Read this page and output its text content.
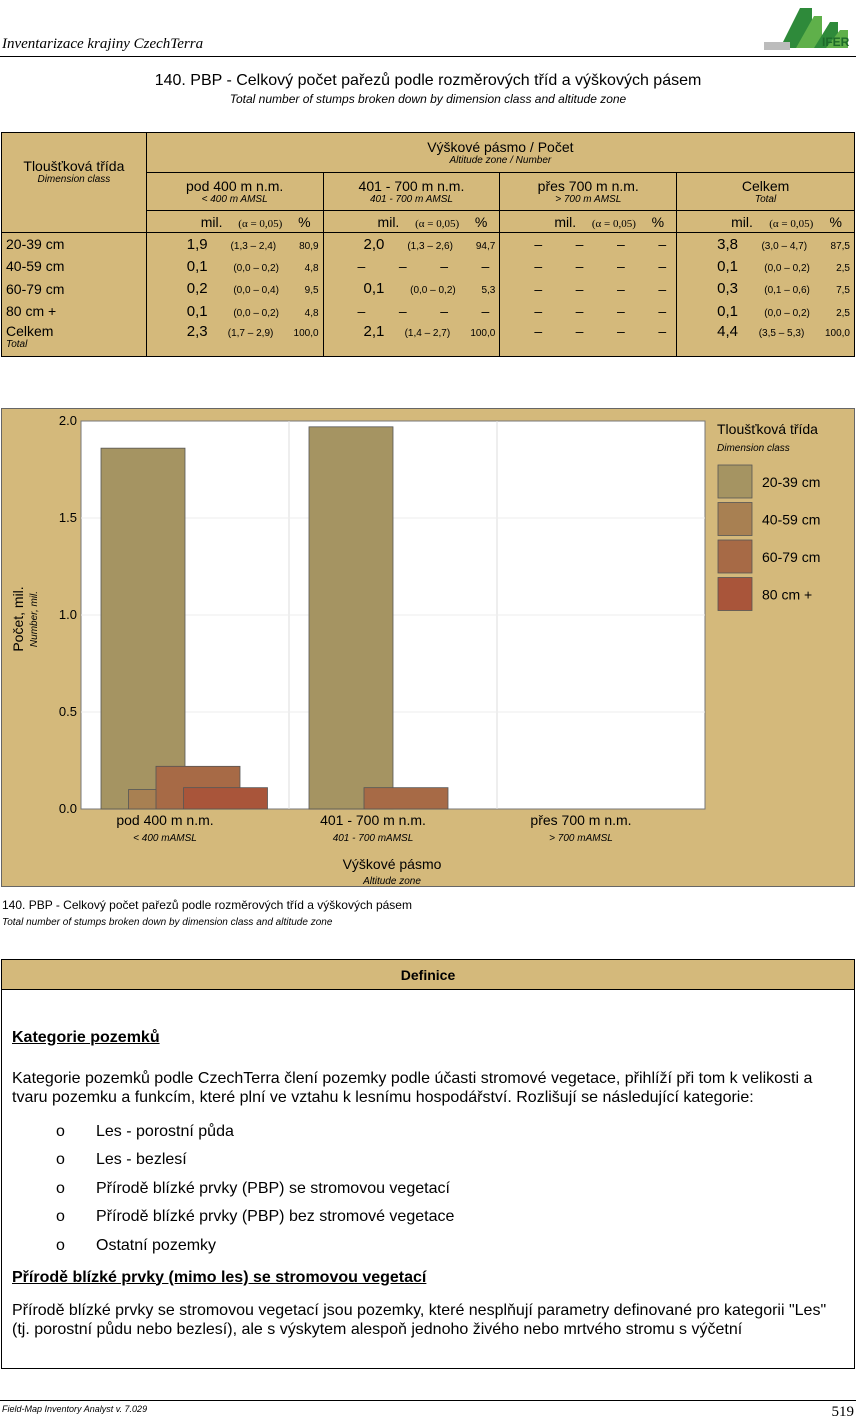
Inventarizace krajiny CzechTerra	IFER
140. PBP - Celkový počet pařezů podle rozměrových tříd a výškových pásem
Total number of stumps broken down by dimension class and altitude zone
Tloušťková třída
Dimension class	Výškové pásmo / Počet
Altitude zone / Number			

	pod 400 m n.m.
< 400 m AMSL	401 - 700 m n.m.
401 - 700 m AMSL	přes 700 m n.m.
> 700 m AMSL	Celkem
Total

	mil. (α = 0,05) %	mil. (α = 0,05) %	mil. (α = 0,05) %	mil. (α = 0,05) %

20-39 cm	1,9 (1,3 – 2,4) 80,9	2,0 (1,3 – 2,6) 94,7	– – – –	3,8 (3,0 – 4,7) 87,5

40-59 cm	0,1 (0,0 – 0,2) 4,8	– – – –	– – – –	0,1 (0,0 – 0,2) 2,5

60-79 cm	0,2 (0,0 – 0,4) 9,5	0,1 (0,0 – 0,2) 5,3	– – – –	0,3 (0,1 – 0,6) 7,5

80 cm +	0,1 (0,0 – 0,2) 4,8	– – – –	– – – –	0,1 (0,0 – 0,2) 2,5

Celkem
Total	2,3 (1,7 – 2,9) 100,0	2,1 (1,4 – 2,7) 100,0	– – – –	4,4 (3,5 – 5,3) 100,0
0.0
0.5
1.0
1.5
2.0
pod 400 m n.m.
< 400 mAMSL
401 - 700 m n.m.
401 - 700 mAMSL
přes 700 m n.m.
> 700 mAMSL
Výškové pásmo
Altitude zone
Počet, mil. Number, mil.
Tloušťková třída
Dimension class
20-39 cm
40-59 cm
60-79 cm
80 cm +
140. PBP - Celkový počet pařezů podle rozměrových tříd a výškových pásem
Total number of stumps broken down by dimension class and altitude zone
Definice
Kategorie pozemků
Kategorie pozemků podle CzechTerra člení pozemky podle účasti stromové vegetace, přihlíží při tom k velikosti a tvaru pozemku a funkcím, které plní ve vztahu k lesnímu hospodářství. Rozlišují se následující kategorie:
o	Les - porostní půda
o	Les - bezlesí
o	Přírodě blízké prvky (PBP) se stromovou vegetací
o	Přírodě blízké prvky (PBP) bez stromové vegetace
o	Ostatní pozemky
Přírodě blízké prvky (mimo les) se stromovou vegetací
Přírodě blízké prvky se stromovou vegetací jsou pozemky, které nesplňují parametry definované pro kategorii "Les" (tj. porostní půdu nebo bezlesí), ale s výskytem alespoň jednoho živého nebo mrtvého stromu s výčetní
Field-Map Inventory Analyst v. 7.029	519
